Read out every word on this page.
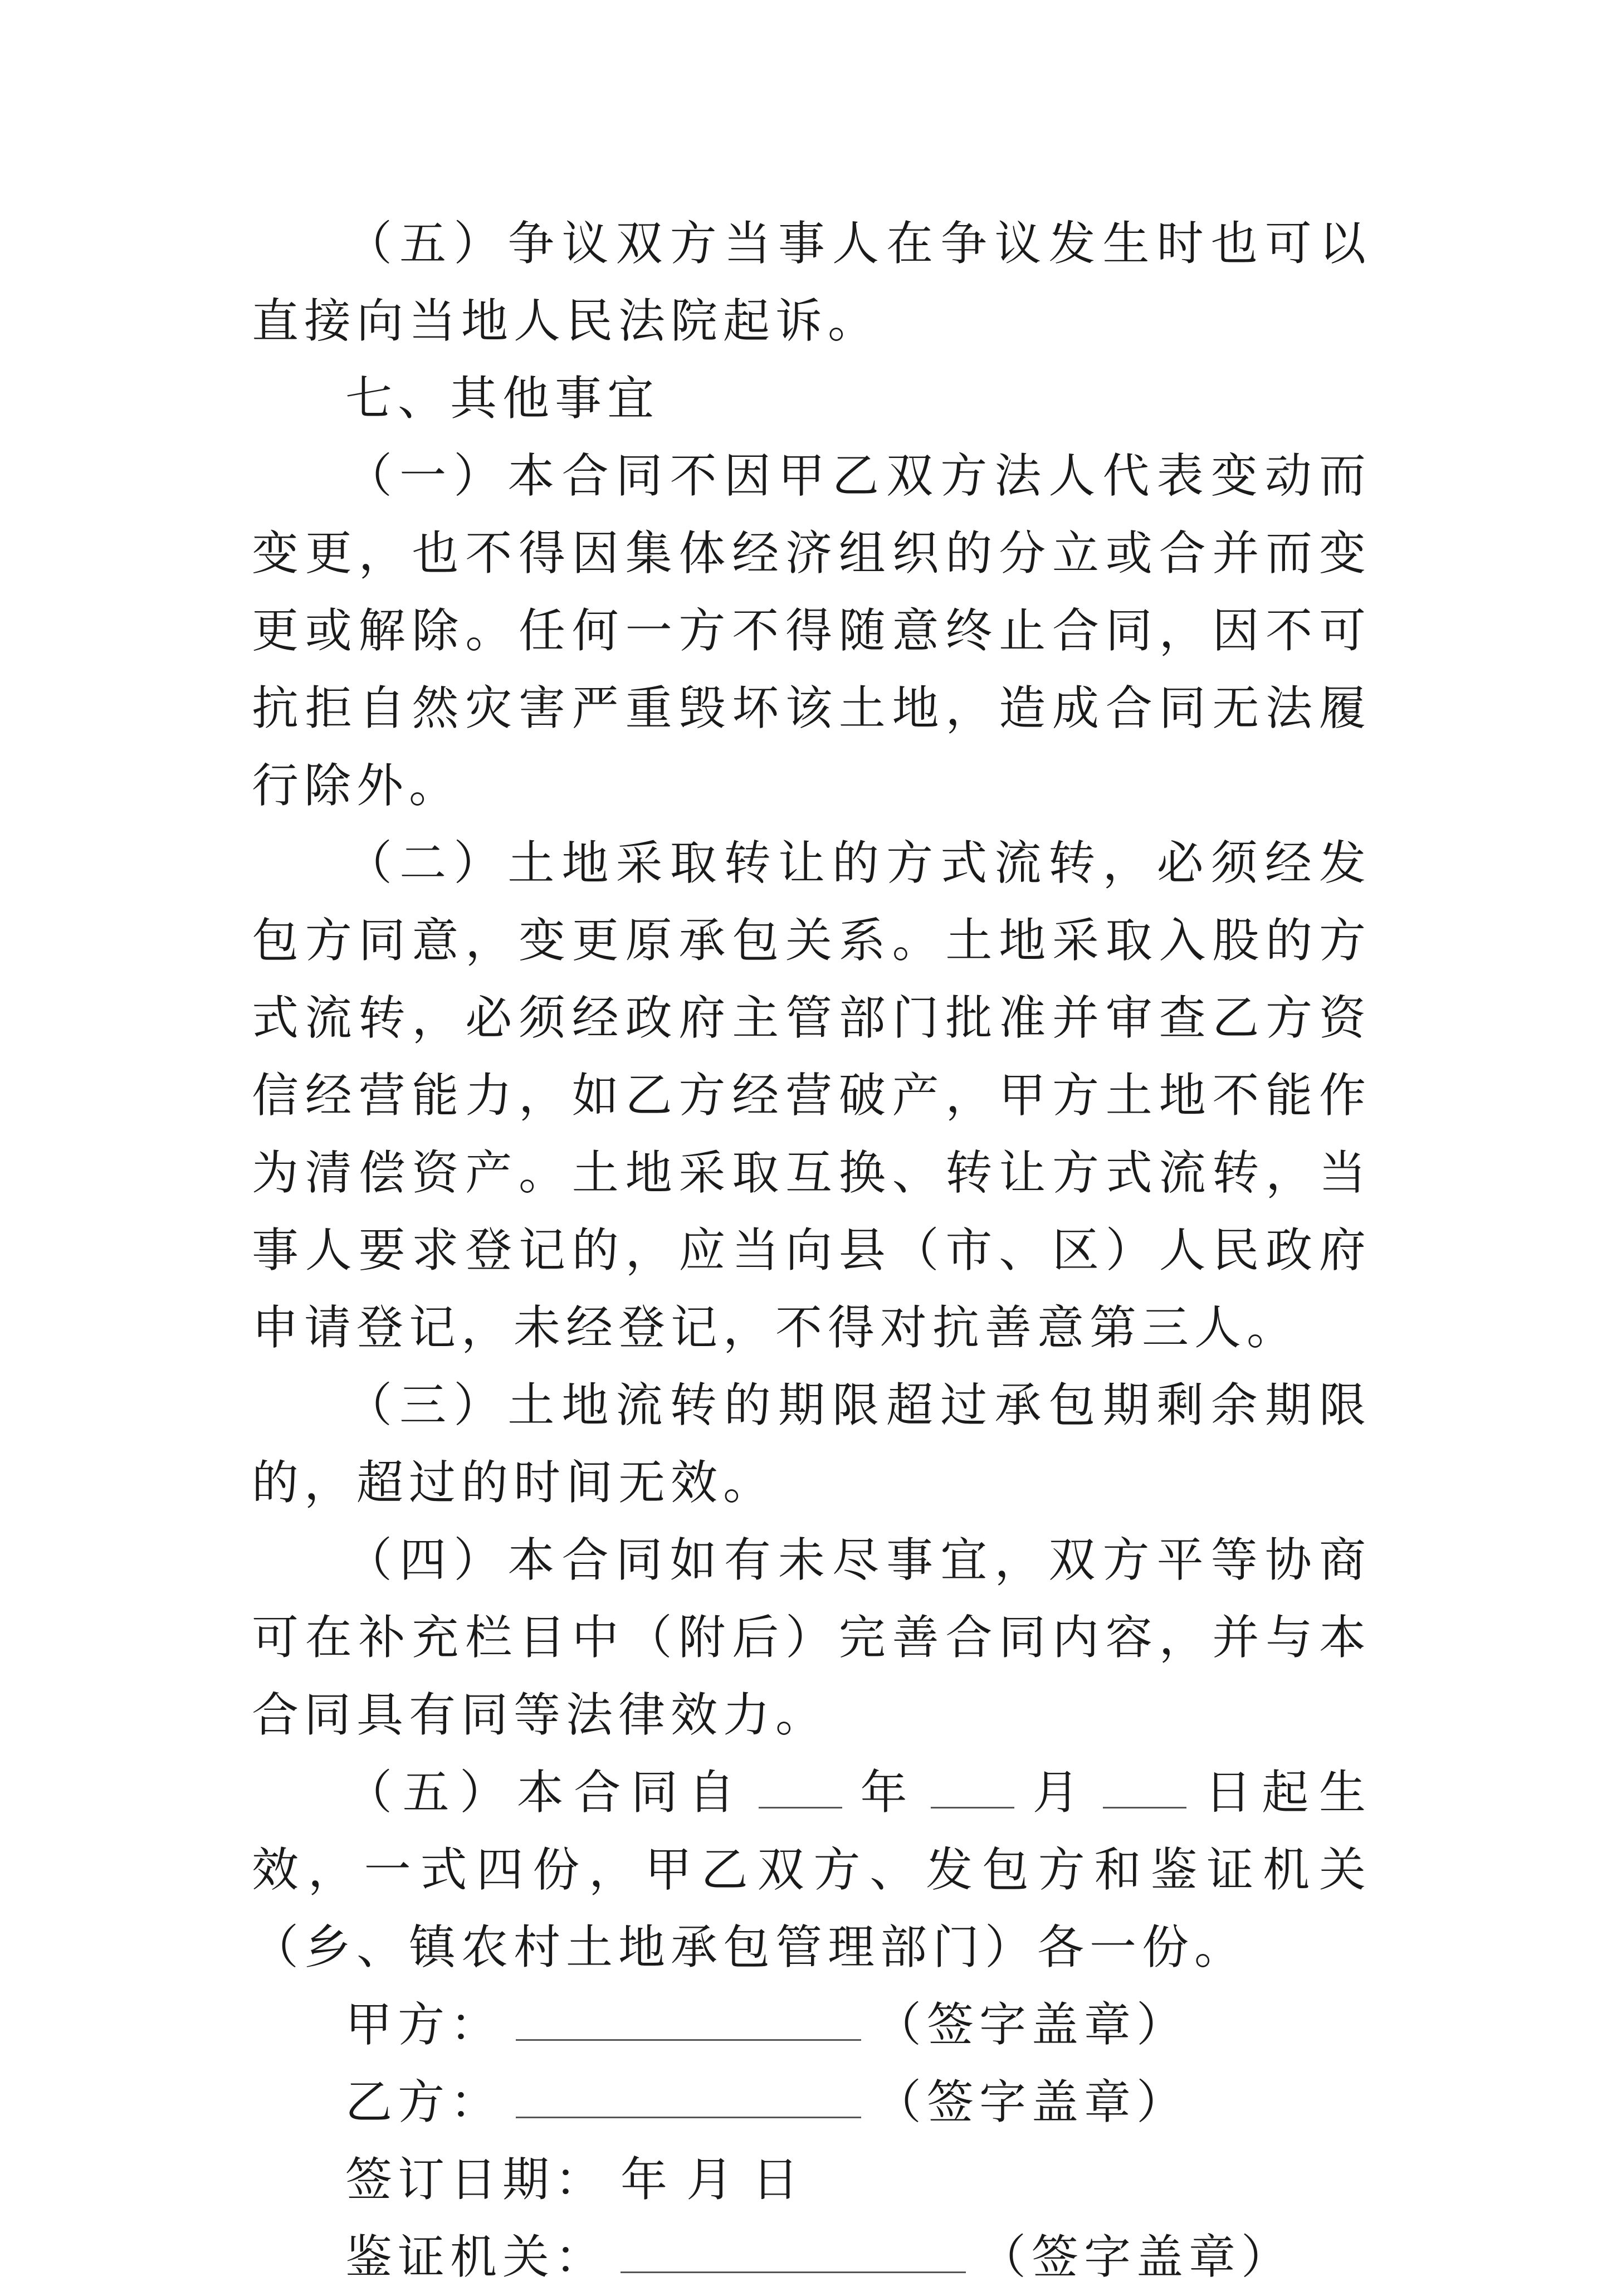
（五）争议双方当事人在争议发生时也可以直接向当地人民法院起诉。

七、其他事宜

（一）本合同不因甲乙双方法人代表变动而变更，也不得因集体经济组织的分立或合并而变更或解除。任何一方不得随意终止合同，因不可抗拒自然灾害严重毁坏该土地，造成合同无法履行除外。

（二）土地采取转让的方式流转，必须经发包方同意，变更原承包关系。土地采取入股的方式流转，必须经政府主管部门批准并审查乙方资信经营能力，如乙方经营破产，甲方土地不能作为清偿资产。土地采取互换、转让方式流转，当事人要求登记的，应当向县（市、区）人民政府申请登记，未经登记，不得对抗善意第三人。

（三）土地流转的期限超过承包期剩余期限的，超过的时间无效。

（四）本合同如有未尽事宜，双方平等协商可在补充栏目中（附后）完善合同内容，并与本合同具有同等法律效力。

（五）本合同自 年 月 日起生效，一式四份，甲乙双方、发包方和鉴证机关（乡、镇农村土地承包管理部门）各一份。

甲方：	（签字盖章）
乙方：	（签字盖章）
签订日期： 年 月 日
鉴证机关：	（签字盖章）
